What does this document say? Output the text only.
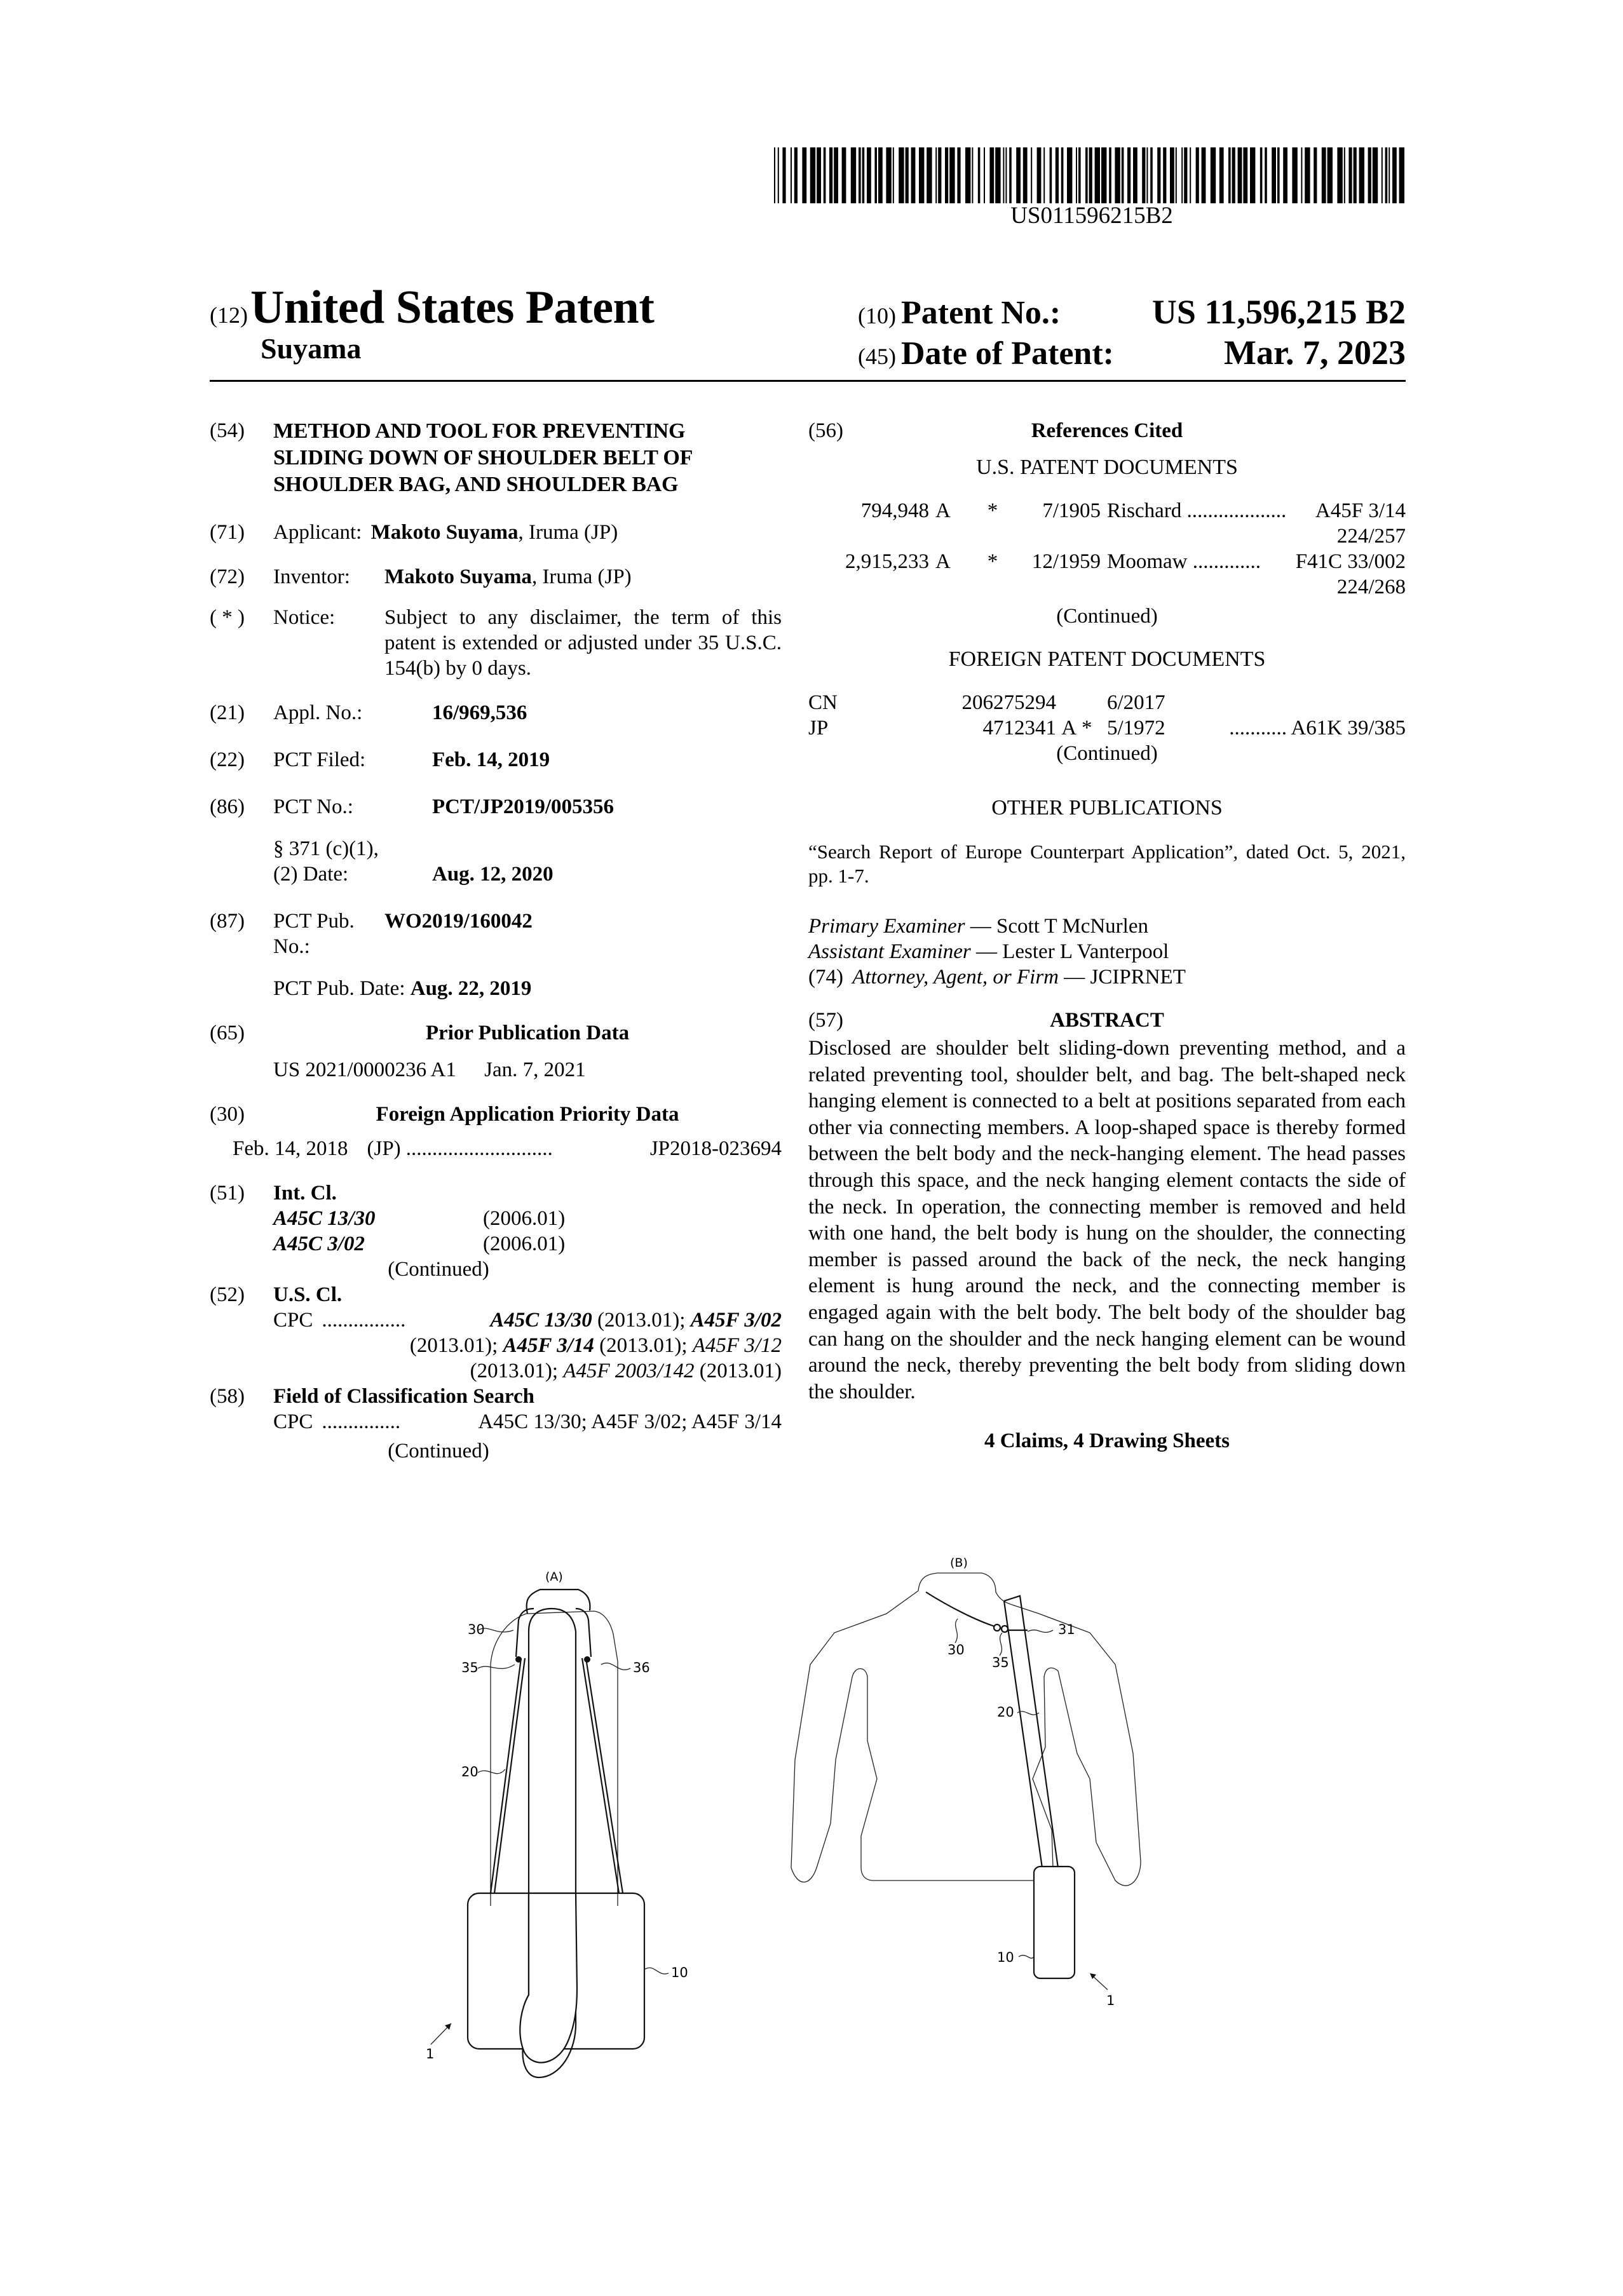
US011596215B2
(12) United States Patent
Suyama
(10) Patent No.:	US 11,596,215 B2
(45) Date of Patent:	Mar. 7, 2023
(54)	METHOD AND TOOL FOR PREVENTING
SLIDING DOWN OF SHOULDER BELT OF
SHOULDER BAG, AND SHOULDER BAG
(71)	Applicant: Makoto Suyama, Iruma (JP)
(72)	Inventor:	Makoto Suyama, Iruma (JP)
( * )	Notice:	Subject to any disclaimer, the term of this patent is extended or adjusted under 35 U.S.C. 154(b) by 0 days.
(21)	Appl. No.:	16/969,536
(22)	PCT Filed:	Feb. 14, 2019
(86)	PCT No.:	PCT/JP2019/005356
§ 371 (c)(1),
(2) Date:	Aug. 12, 2020
(87)	PCT Pub. No.:
WO2019/160042
PCT Pub. Date: Aug. 22, 2019
(65)	Prior Publication Data
US 2021/0000236 A1 Jan. 7, 2021
(30)	Foreign Application Priority Data
Feb. 14, 2018 (JP) ............................	JP2018-023694
(51)	Int. Cl.
A45C 13/30	(2006.01)
A45C 3/02	(2006.01)
(Continued)
(52)	U.S. Cl.
CPC ................	A45C 13/30 (2013.01); A45F 3/02
(2013.01); A45F 3/14 (2013.01); A45F 3/12
(2013.01); A45F 2003/142 (2013.01)
(58)	Field of Classification Search
CPC ...............	A45C 13/30; A45F 3/02; A45F 3/14
(Continued)
(56)	References Cited
U.S. PATENT DOCUMENTS
794,948 A	*	7/1905 Rischard ................... A45F 3/14
224/257
2,915,233 A	*	12/1959 Moomaw ............. F41C 33/002
224/268
(Continued)
FOREIGN PATENT DOCUMENTS
CN	206275294 6/2017
JP	4712341 A * 5/1972	........... A61K 39/385
(Continued)
OTHER PUBLICATIONS
“Search Report of Europe Counterpart Application”, dated Oct. 5, 2021, pp. 1-7.
Primary Examiner — Scott T McNurlen
Assistant Examiner — Lester L Vanterpool
(74) Attorney, Agent, or Firm — JCIPRNET
(57)	ABSTRACT
Disclosed are shoulder belt sliding-down preventing method, and a related preventing tool, shoulder belt, and bag. The belt-shaped neck hanging element is connected to a belt at positions separated from each other via connecting members. A loop-shaped space is thereby formed between the belt body and the neck-hanging element. The head passes through this space, and the neck hanging element contacts the side of the neck. In operation, the connecting member is removed and held with one hand, the belt body is hung on the shoulder, the connecting member is passed around the back of the neck, the neck hanging element is hung around the neck, and the connecting member is engaged again with the belt body. The belt body of the shoulder bag can hang on the shoulder and the neck hanging element can be wound around the neck, thereby preventing the belt body from sliding down the shoulder.
4 Claims, 4 Drawing Sheets
(A)
30
35	36
20
10
1
(B)
30
35
31
20
10
1
